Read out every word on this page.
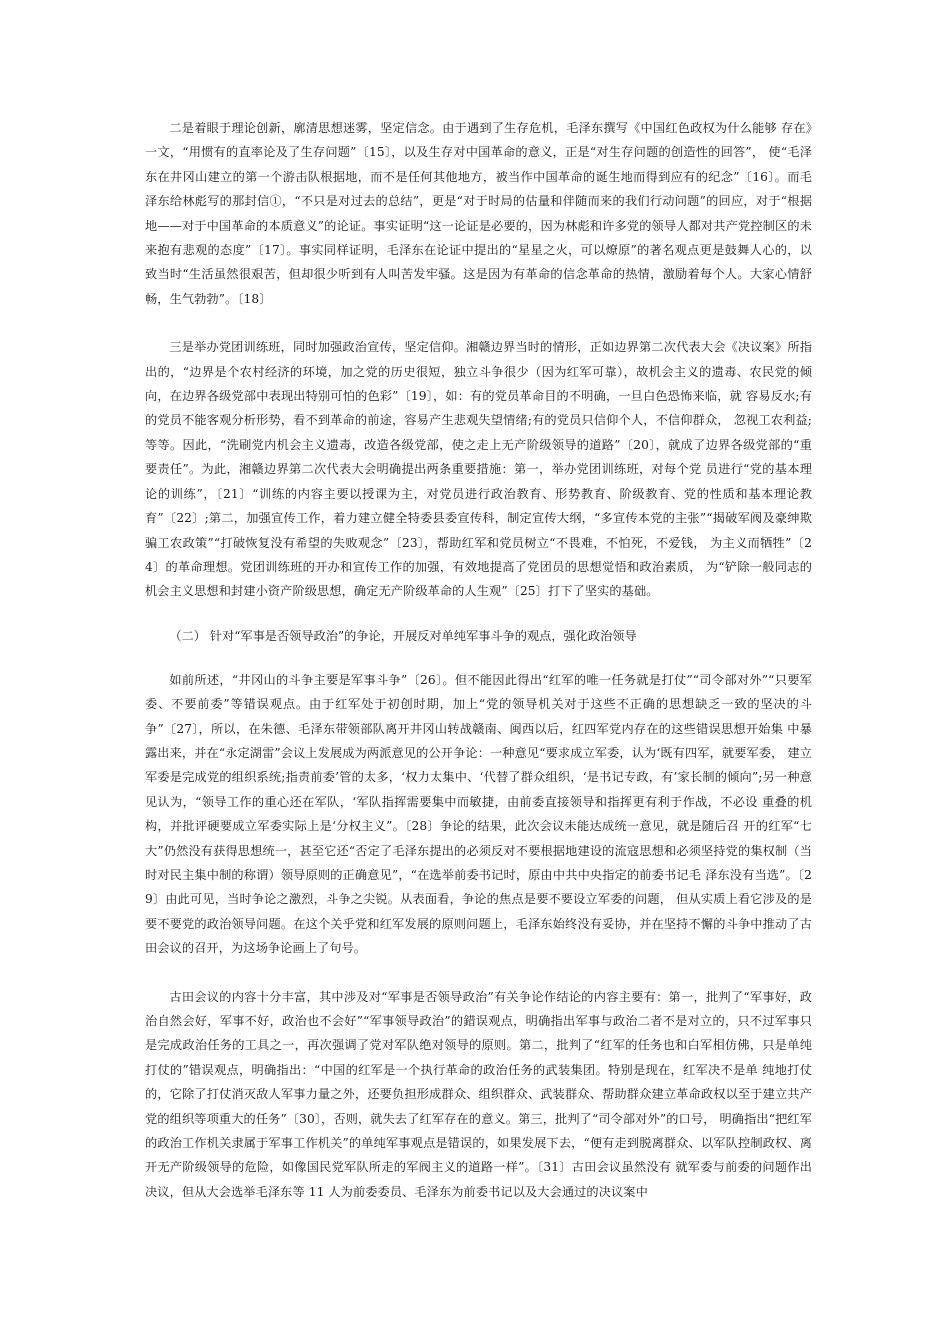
二是着眼于理论创新，廓清思想迷雾，坚定信念。由于遇到了生存危机，毛泽东撰写《中国红色政权为什么能够 存在》一文，“用惯有的直率论及了生存问题”〔15〕，以及生存对中国革命的意义，正是“对生存问题的创造性的回答”， 使“毛泽东在井冈山建立的第一个游击队根据地，而不是任何其他地方，被当作中国革命的诞生地而得到应有的纪念”〔16〕。而毛泽东给林彪写的那封信①，“不只是对过去的总结”，更是“对于时局的估量和伴随而来的我们行动问题”的回应，对于“根据地——对于中国革命的本质意义”的论证。事实证明“这一论证是必要的，因为林彪和许多党的领导人都对共产党控制区的未来抱有悲观的态度”〔17〕。事实同样证明，毛泽东在论证中提出的“星星之火，可以燎原”的著名观点更是鼓舞人心的，以致当时“生活虽然很艰苦，但却很少听到有人叫苦发牢骚。这是因为有革命的信念革命的热情，激励着每个人。大家心情舒畅，生气勃勃”。〔18〕

三是举办党团训练班，同时加强政治宣传，坚定信仰。湘赣边界当时的情形，正如边界第二次代表大会《决议案》所指出的，“边界是个农村经济的环境，加之党的历史很短，独立斗争很少（因为红军可靠），故机会主义的遗毒、农民党的倾向，在边界各级党部中表现出特别可怕的色彩”〔19〕，如：有的党员革命目的不明确，一旦白色恐怖来临，就 容易反水;有的党员不能客观分析形势，看不到革命的前途，容易产生悲观失望情绪;有的党员只信仰个人，不信仰群众， 忽视工农利益;等等。因此，“洗刷党内机会主义遗毒，改造各级党部，使之走上无产阶级领导的道路”〔20〕，就成了边界各级党部的“重要责任”。为此，湘赣边界第二次代表大会明确提出两条重要措施：第一，举办党团训练班，对每个党 员进行“党的基本理论的训练”，〔21〕“训练的内容主要以授课为主，对党员进行政治教育、形势教育、阶级教育、党的性质和基本理论教育”〔22〕;第二，加强宣传工作，着力建立健全特委县委宣传科，制定宣传大纲，“多宣传本党的主张”“揭破军阀及豪绅欺骗工农政策”“打破恢复没有希望的失败观念”〔23〕，帮助红军和党员树立“不畏难，不怕死，不爱钱， 为主义而牺牲”〔24〕的革命理想。党团训练班的开办和宣传工作的加强，有效地提高了党团员的思想觉悟和政治素质， 为“铲除一般同志的机会主义思想和封建小资产阶级思想，确定无产阶级革命的人生观”〔25〕打下了坚实的基础。

（二） 针对“军事是否领导政治”的争论，开展反对单纯军事斗争的观点，强化政治领导

如前所述，“井冈山的斗争主要是军事斗争”〔26〕。但不能因此得出“红军的唯一任务就是打仗”“司令部对外”“只要军委、不要前委”等错误观点。由于红军处于初创时期，加上“党的领导机关对于这些不正确的思想缺乏一致的坚决的斗 争”〔27〕，所以，在朱德、毛泽东带领部队离开井冈山转战赣南、闽西以后，红四军党内存在的这些错误思想开始集 中暴露出来，并在“永定湖雷”会议上发展成为两派意见的公开争论：一种意见“要求成立军委，认为‘既有四军，就要军委， 建立军委是完成党的组织系统;指责前委’管的太多，‘权力太集中、‘代替了群众组织，‘是书记专政，有’家长制的倾向”;另一种意见认为，“领导工作的重心还在军队，‘军队指挥需要集中而敏捷，由前委直接领导和指挥更有利于作战，不必设 重叠的机构，并批评硬要成立军委实际上是‘分权主义”。〔28〕争论的结果，此次会议未能达成统一意见，就是随后召 开的红军“七大”仍然没有获得思想统一，甚至它还“否定了毛泽东提出的必须反对不要根据地建设的流寇思想和必须坚持党的集权制（当时对民主集中制的称谓）领导原则的正确意见”，“在选举前委书记时，原由中共中央指定的前委书记毛 泽东没有当选”。〔29〕由此可见，当时争论之激烈，斗争之尖锐。从表面看，争论的焦点是要不要设立军委的问题， 但从实质上看它涉及的是要不要党的政治领导问题。在这个关乎党和红军发展的原则问题上，毛泽东始终没有妥协，并在坚持不懈的斗争中推动了古田会议的召开，为这场争论画上了句号。

古田会议的内容十分丰富，其中涉及对“军事是否领导政治”有关争论作结论的内容主要有：第一，批判了“军事好，政治自然会好，军事不好，政治也不会好”“军事领导政治”的錯误观点，明确指出军事与政治二者不是对立的，只不过军事只是完成政治任务的工具之一，再次强调了党对军队绝对领导的原则。第二，批判了“红军的任务也和白军相仿佛，只是单纯打仗的”错误观点，明确指出：“中国的红军是一个执行革命的政治任务的武装集团。特别是现在，红军决不是单 纯地打仗的，它除了打仗消灭敌人军事力量之外，还要负担形成群众、组织群众、武装群众、帮助群众建立革命政权以至于建立共产党的组织等项重大的任务”〔30〕，否则，就失去了红军存在的意义。第三，批判了“司令部对外”的口号， 明确指出“把红军的政治工作机关隶属于军事工作机关”的单纯军事观点是错误的，如果发展下去，“便有走到脱离群众、以军队控制政权、离开无产阶级领导的危险，如像国民党军队所走的军阀主义的道路一样”。〔31〕古田会议虽然没有 就军委与前委的问题作出决议，但从大会选举毛泽东等 11 人为前委委员、毛泽东为前委书记以及大会通过的决议案中
